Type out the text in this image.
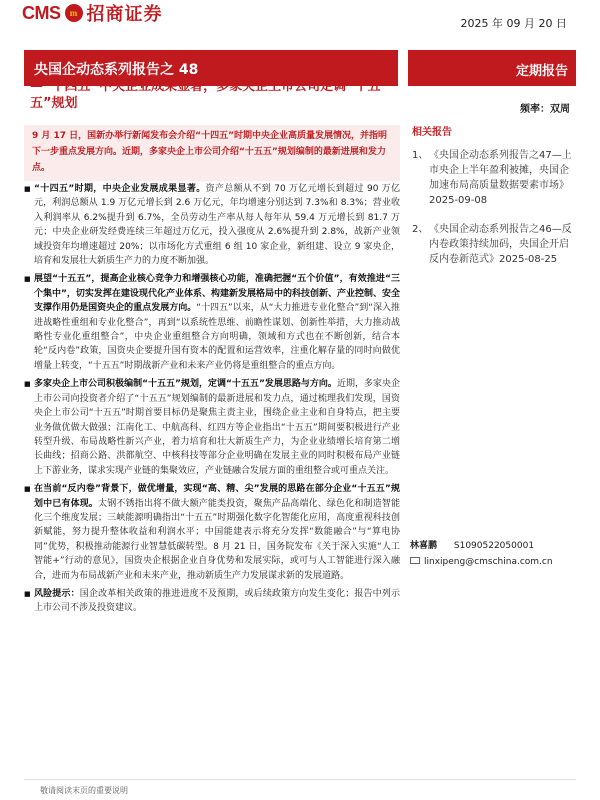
CMS	m 招商证券	2025 年 09 月 20 日
央国企动态系列报告之 48	定期报告
—“十四五”中央企业成果显著，多家央企上市公司定调“十五五”规划	频率：双周
相关报告
1、 《央国企动态系列报告之47—上市央企上半年盈利被摊，央国企加速布局高质量数据要素市场》2025-09-08
2、 《央国企动态系列报告之46—反内卷政策持续加码，央国企开启反内卷新范式》2025-08-25
9 月 17 日，国新办举行新闻发布会介绍“十四五”时期中央企业高质量发展情况，并指明下一步重点发展方向。近期，多家央企上市公司介绍“十五五”规划编制的最新进展和发力点。
■ “十四五”时期，中央企业发展成果显著。资产总额从不到 70 万亿元增长到超过 90 万亿元，利润总额从 1.9 万亿元增长到 2.6 万亿元，年均增速分别达到 7.3%和 8.3%；营业收入利润率从 6.2%提升到 6.7%，全员劳动生产率从每人每年从 59.4 万元增长到 81.7 万元；中央企业研发经费连续三年超过万亿元，投入强度从 2.6%提升到 2.8%，战新产业领域投资年均增速超过 20%；以市场化方式重组 6 组 10 家企业，新组建、设立 9 家央企，培育和发展壮大新质生产力的力度不断加强。
■ 展望“十五五”，提高企业核心竞争力和增强核心功能，准确把握“五个价值”，有效推进“三个集中”，切实发挥在建设现代化产业体系、构建新发展格局中的科技创新、产业控制、安全支撑作用仍是国资央企的重点发展方向。“十四五”以来，从“大力推进专业化整合”到“深入推进战略性重组和专业化整合”，再到“以系统性思维、前瞻性谋划、创新性举措，大力推动战略性专业化重组整合”，中央企业重组整合方向明确，领域和方式也在不断创新，结合本轮“反内卷”政策，国资央企要提升国有资本的配置和运营效率，注重化解存量的同时向做优增量上转变，“十五五”时期战新产业和未来产业仍将是重组整合的重点方向。
■ 多家央企上市公司积极编制“十五五”规划，定调“十五五”发展思路与方向。近期，多家央企上市公司向投资者介绍了“十五五”规划编制的最新进展和发力点，通过梳理我们发现，国资央企上市公司“十五五”时期首要目标仍是聚焦主责主业，围绕企业主业和自身特点，把主要业务做优做大做强；江南化工、中航高科、红四方等企业指出“十五五”期间要积极进行产业转型升级、布局战略性新兴产业，着力培育和壮大新质生产力，为企业业绩增长培育第二增长曲线；招商公路、洪都航空、中核科技等部分企业明确在发展主业的同时积极布局产业链上下游业务，谋求实现产业链的集聚效应，产业链融合发展方面的重组整合或可重点关注。
■ 在当前“反内卷”背景下，做优增量，实现“高、精、尖”发展的思路在部分企业“十五五”规划中已有体现。太钢不锈指出将不做大额产能类投资，聚焦产品高端化、绿色化和制造智能化三个维度发展；三峡能源明确指出“十五五”时期强化数字化智能化应用，高度重视科技创新赋能，努力提升整体收益和利润水平；中国能建表示将充分发挥“数能融合”与“算电协同”优势，积极推动能源行业智慧低碳转型。8 月 21 日，国务院发布《关于深入实施“人工智能+”行动的意见》，国资央企根据企业自身优势和发展实际，或可与人工智能进行深入融合，进而为布局战新产业和未来产业，推动新质生产力发展谋求新的发展道路。
■ 风险提示：国企改革相关政策的推进进度不及预期，或后续政策方向发生变化；报告中列示上市公司不涉及投资建议。
林喜鹏 S1090522050001
linxipeng@cmschina.com.cn
敬请阅读末页的重要说明
